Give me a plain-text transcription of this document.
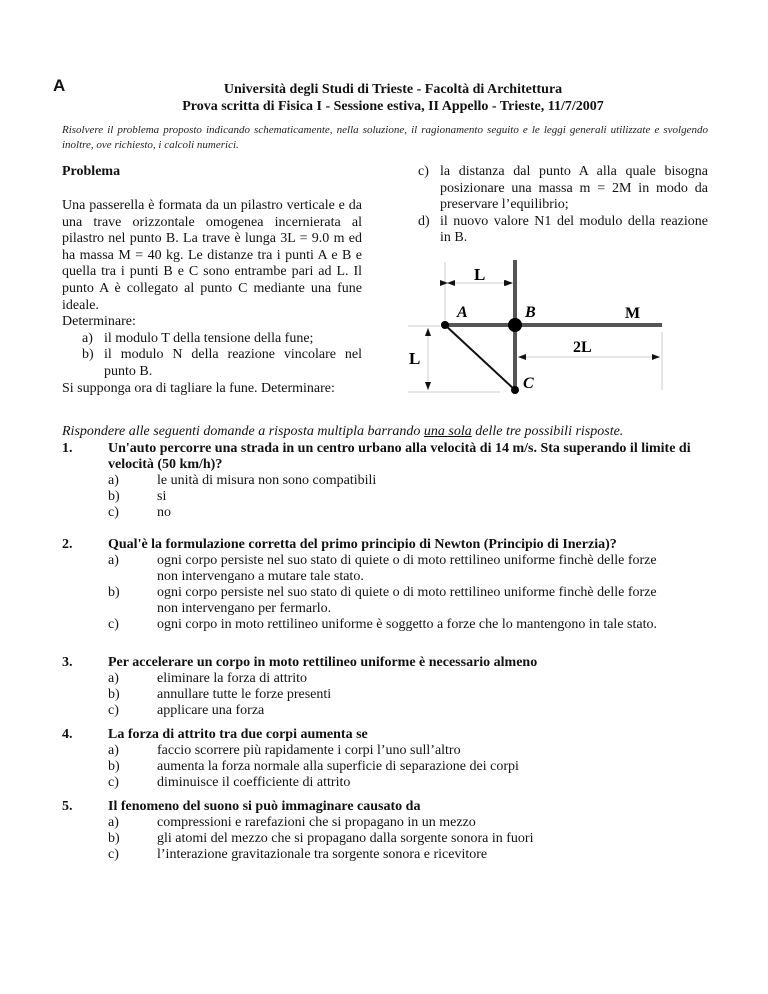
A	Università degli Studi di Trieste - Facoltà di Architettura
Prova scritta di Fisica I - Sessione estiva, II Appello - Trieste, 11/7/2007
Risolvere il problema proposto indicando schematicamente, nella soluzione, il ragionamento seguito e le leggi generali utilizzate e svolgendo inoltre, ove richiesto, i calcoli numerici.
Problema

Una passerella è formata da un pilastro verticale e da una trave orizzontale omogenea incernierata al pilastro nel punto B. La trave è lunga 3L = 9.0 m ed ha massa M = 40 kg. Le distanze tra i punti A e B e quella tra i punti B e C sono entrambe pari ad L. Il punto A è collegato al punto C mediante una fune ideale.

Determinare:

a) il modulo T della tensione della fune;
b) il modulo N della reazione vincolare nel punto B.

Si supponga ora di tagliare la fune. Determinare:

c) la distanza dal punto A alla quale bisogna posizionare una massa m = 2M in modo da preservare l’equilibrio;
d) il nuovo valore N1 del modulo della reazione in B.
L
A	B	M
2L
L
C
Rispondere alle seguenti domande a risposta multipla barrando una sola delle tre possibili risposte.
1.	Un'auto percorre una strada in un centro urbano alla velocità di 14 m/s. Sta superando il limite di velocità (50 km/h)?
a)	le unità di misura non sono compatibili
b)	si
c)	no
2.	Qual'è la formulazione corretta del primo principio di Newton (Principio di Inerzia)?
a)	ogni corpo persiste nel suo stato di quiete o di moto rettilineo uniforme finchè delle forze non intervengano a mutare tale stato.
b)	ogni corpo persiste nel suo stato di quiete o di moto rettilineo uniforme finchè delle forze non intervengano per fermarlo.
c)	ogni corpo in moto rettilineo uniforme è soggetto a forze che lo mantengono in tale stato.
3.	Per accelerare un corpo in moto rettilineo uniforme è necessario almeno
a)	eliminare la forza di attrito
b)	annullare tutte le forze presenti
c)	applicare una forza
4.	La forza di attrito tra due corpi aumenta se
a)	faccio scorrere più rapidamente i corpi l’uno sull’altro
b)	aumenta la forza normale alla superficie di separazione dei corpi
c)	diminuisce il coefficiente di attrito
5.	Il fenomeno del suono si può immaginare causato da
a)	compressioni e rarefazioni che si propagano in un mezzo
b)	gli atomi del mezzo che si propagano dalla sorgente sonora in fuori
c)	l’interazione gravitazionale tra sorgente sonora e ricevitore
